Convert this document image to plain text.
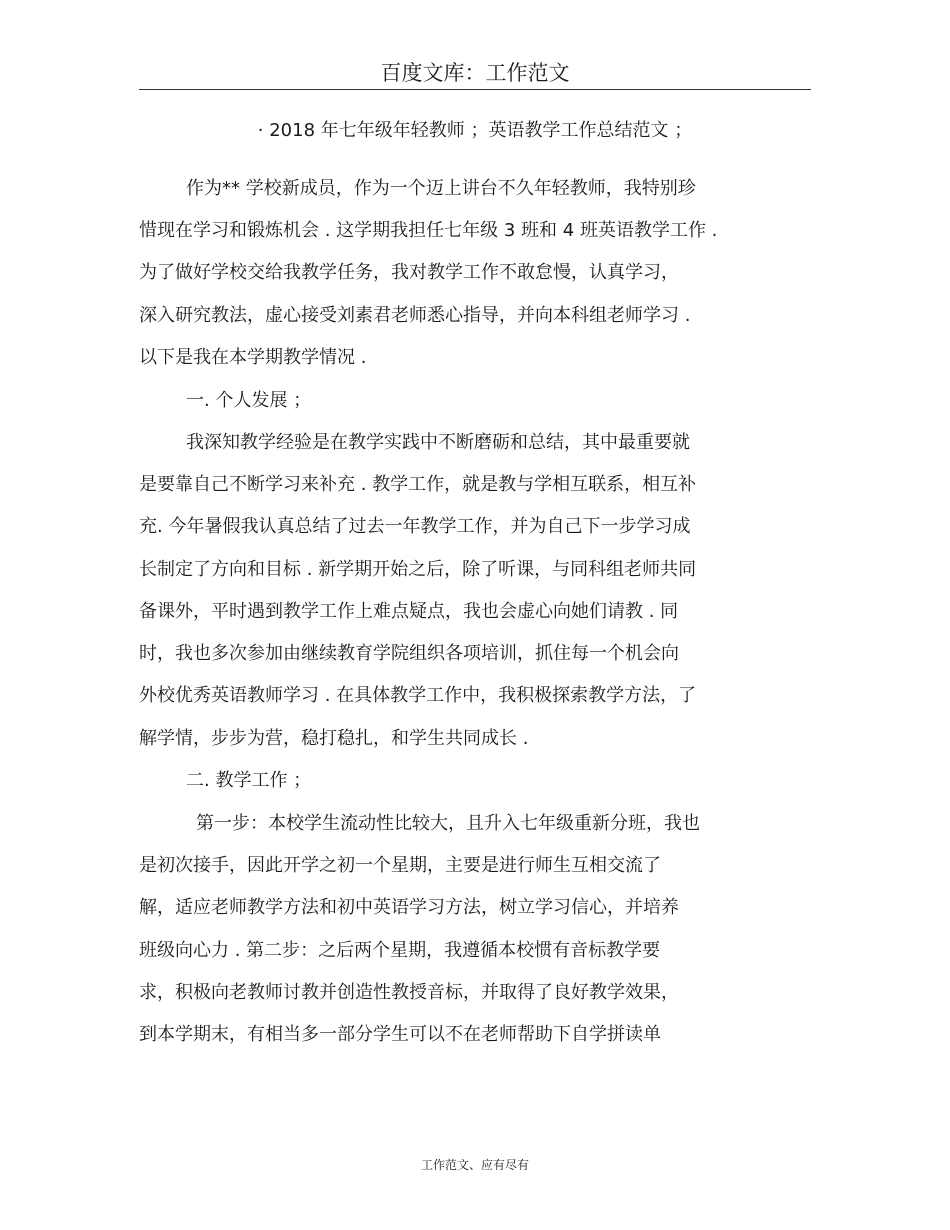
百度文库：工作范文
· 2018 年七年级年轻教师 ；英语教学工作总结范文 ；
作为** 学校新成员，作为一个迈上讲台不久年轻教师，我特别珍
惜现在学习和锻炼机会 . 这学期我担任七年级 3 班和 4 班英语教学工作 .
为了做好学校交给我教学任务，我对教学工作不敢怠慢，认真学习，
深入研究教法，虚心接受刘素君老师悉心指导，并向本科组老师学习 .
以下是我在本学期教学情况 .
一. 个人发展 ；
我深知教学经验是在教学实践中不断磨砺和总结，其中最重要就
是要靠自己不断学习来补充 . 教学工作，就是教与学相互联系，相互补
充. 今年暑假我认真总结了过去一年教学工作，并为自己下一步学习成
长制定了方向和目标 . 新学期开始之后，除了听课，与同科组老师共同
备课外，平时遇到教学工作上难点疑点，我也会虚心向她们请教 . 同
时，我也多次参加由继续教育学院组织各项培训，抓住每一个机会向
外校优秀英语教师学习 . 在具体教学工作中，我积极探索教学方法，了
解学情，步步为营，稳打稳扎，和学生共同成长 .
二. 教学工作 ；
第一步：本校学生流动性比较大，且升入七年级重新分班，我也
是初次接手，因此开学之初一个星期，主要是进行师生互相交流了
解，适应老师教学方法和初中英语学习方法，树立学习信心，并培养
班级向心力 . 第二步：之后两个星期，我遵循本校惯有音标教学要
求，积极向老教师讨教并创造性教授音标，并取得了良好教学效果，
到本学期末，有相当多一部分学生可以不在老师帮助下自学拼读单
工作范文、应有尽有
